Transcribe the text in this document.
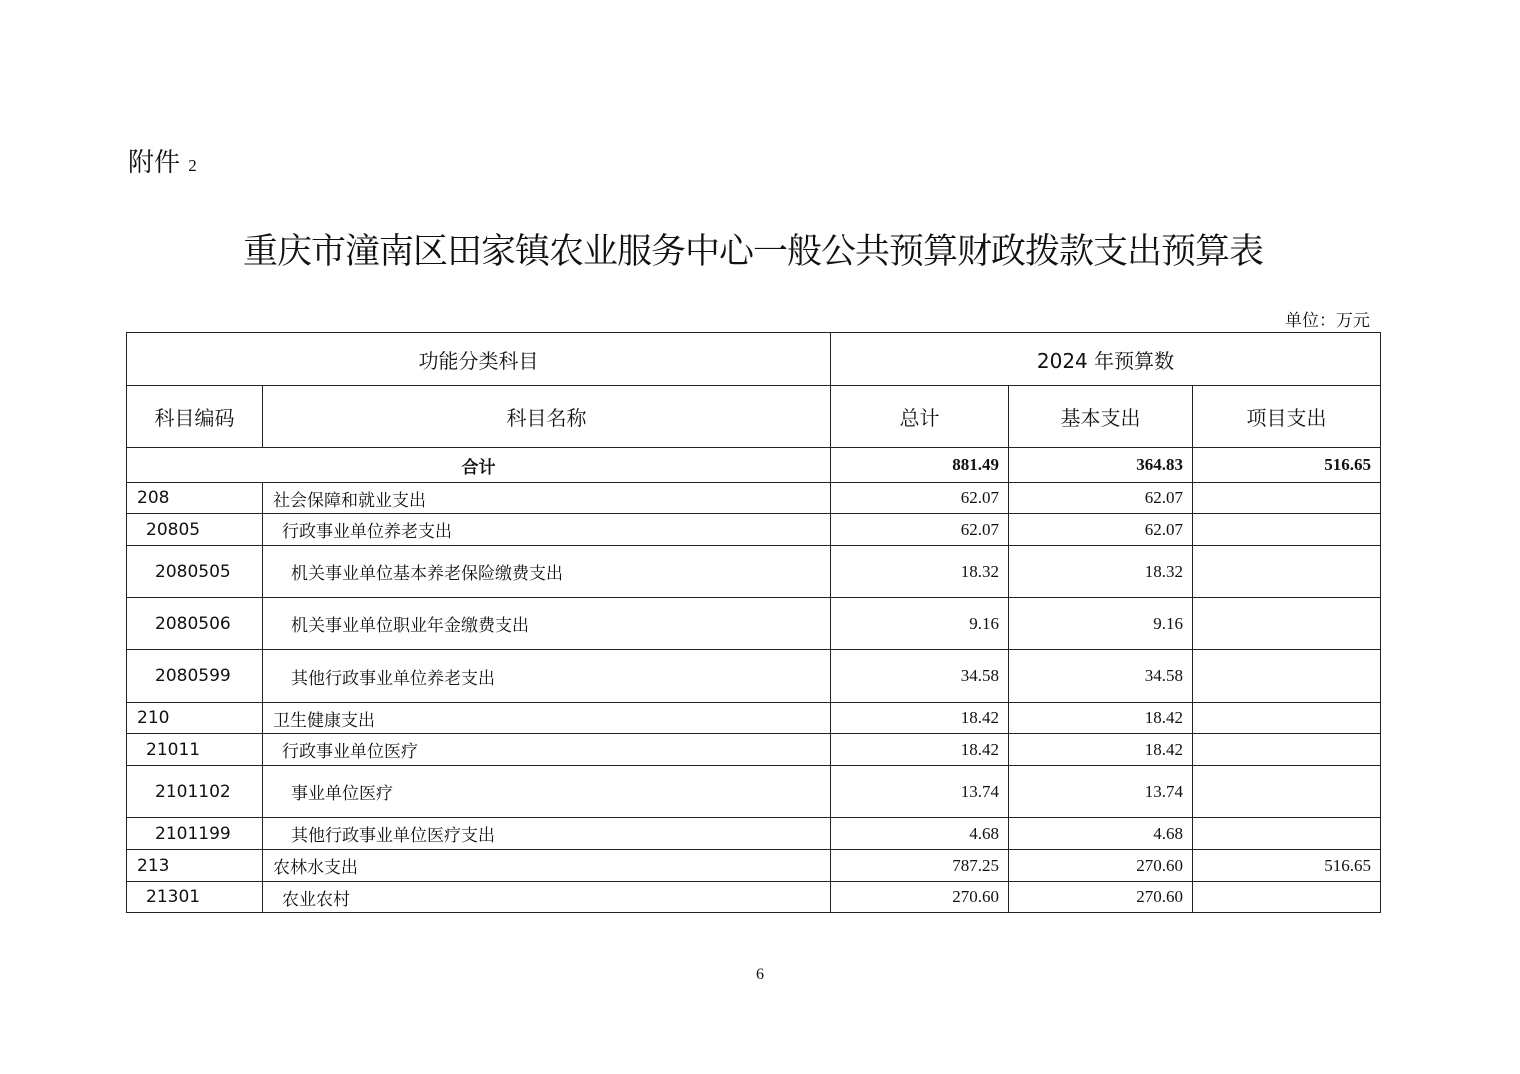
附件 2
重庆市潼南区田家镇农业服务中心一般公共预算财政拨款支出预算表
单位：万元
功能分类科目		2024 年预算数		
科目编码	科目名称	总计	基本支出	项目支出
合计		881.49	364.83	516.65
208	社会保障和就业支出	62.07	62.07	
20805	行政事业单位养老支出	62.07	62.07	
2080505	机关事业单位基本养老保险缴费支出	18.32	18.32	
2080506	机关事业单位职业年金缴费支出	9.16	9.16	
2080599	其他行政事业单位养老支出	34.58	34.58	
210	卫生健康支出	18.42	18.42	
21011	行政事业单位医疗	18.42	18.42	
2101102	事业单位医疗	13.74	13.74	
2101199	其他行政事业单位医疗支出	4.68	4.68	
213	农林水支出	787.25	270.60	516.65
21301	农业农村	270.60	270.60	
6
